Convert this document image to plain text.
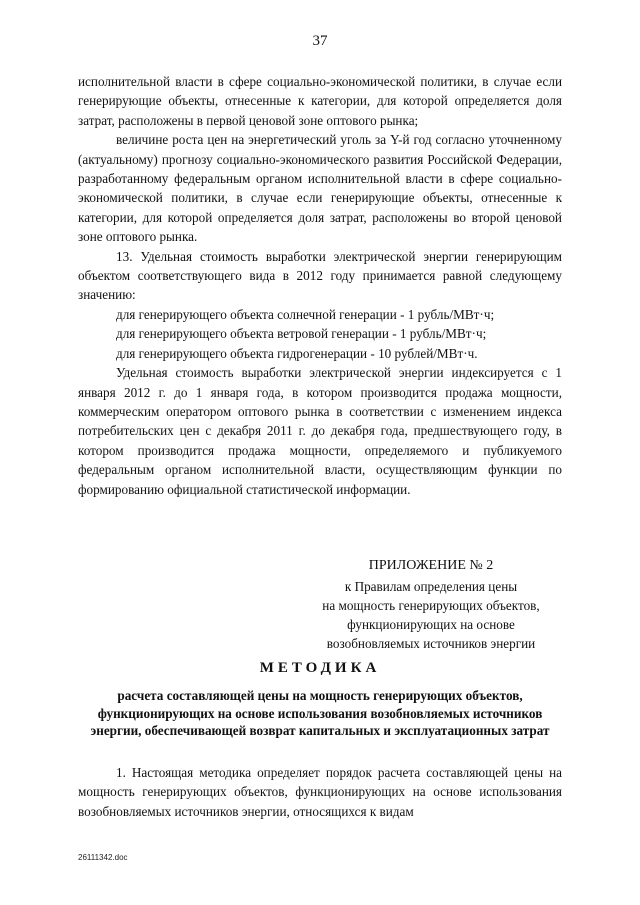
37

исполнительной власти в сфере социально-экономической политики, в случае если генерирующие объекты, отнесенные к категории, для которой определяется доля затрат, расположены в первой ценовой зоне оптового рынка;

величине роста цен на энергетический уголь за Y-й год согласно уточненному (актуальному) прогнозу социально-экономического развития Российской Федерации, разработанному федеральным органом исполнительной власти в сфере социально-экономической политики, в случае если генерирующие объекты, отнесенные к категории, для которой определяется доля затрат, расположены во второй ценовой зоне оптового рынка.

13. Удельная стоимость выработки электрической энергии генерирующим объектом соответствующего вида в 2012 году принимается равной следующему значению:

для генерирующего объекта солнечной генерации - 1 рубль/МВт·ч;
для генерирующего объекта ветровой генерации - 1 рубль/МВт·ч;
для генерирующего объекта гидрогенерации - 10 рублей/МВт·ч.

Удельная стоимость выработки электрической энергии индексируется с 1 января 2012 г. до 1 января года, в котором производится продажа мощности, коммерческим оператором оптового рынка в соответствии с изменением индекса потребительских цен с декабря 2011 г. до декабря года, предшествующего году, в котором производится продажа мощности, определяемого и публикуемого федеральным органом исполнительной власти, осуществляющим функции по формированию официальной статистической информации.

ПРИЛОЖЕНИЕ № 2
к Правилам определения цены
на мощность генерирующих объектов,
функционирующих на основе
возобновляемых источников энергии
МЕТОДИКА
расчета составляющей цены на мощность генерирующих объектов, функционирующих на основе использования возобновляемых источников энергии, обеспечивающей возврат капитальных и эксплуатационных затрат

1. Настоящая методика определяет порядок расчета составляющей цены на мощность генерирующих объектов, функционирующих на основе использования возобновляемых источников энергии, относящихся к видам

26111342.doc
